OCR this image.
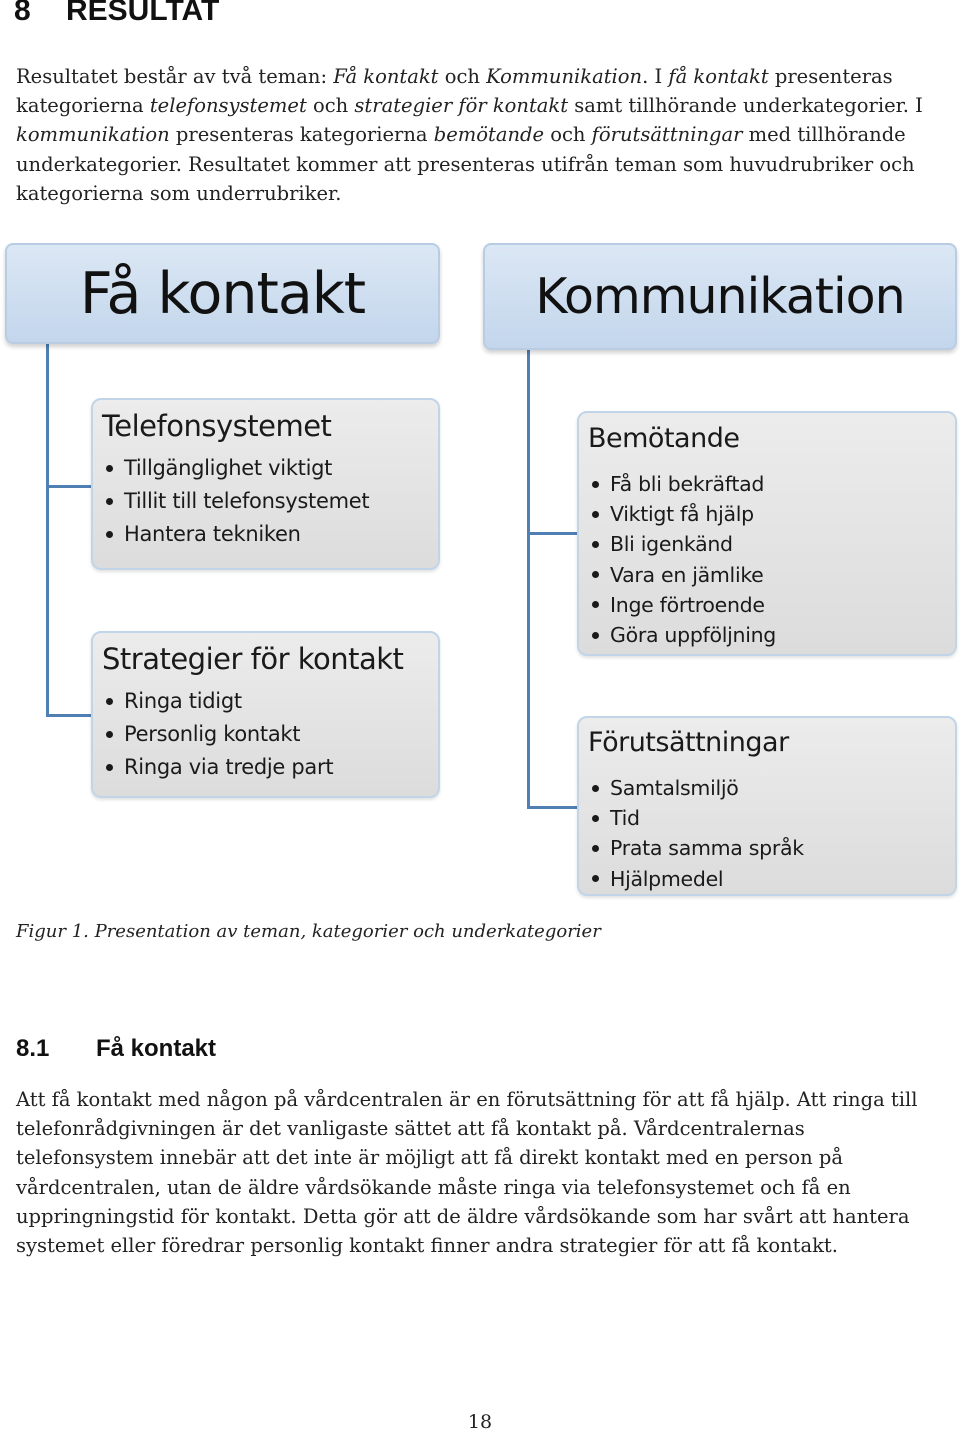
8 RESULTAT

Resultatet består av två teman: Få kontakt och Kommunikation. I få kontakt presenteras kategorierna telefonsystemet och strategier för kontakt samt tillhörande underkategorier. I kommunikation presenteras kategorierna bemötande och förutsättningar med tillhörande underkategorier. Resultatet kommer att presenteras utifrån teman som huvudrubriker och kategorierna som underrubriker.

Få kontakt	Kommunikation
Telefonsystemet
Tillgänglighet viktigt
Tillit till telefonsystemet
Hantera tekniken
Strategier för kontakt
Ringa tidigt
Personlig kontakt
Ringa via tredje part
Bemötande
Få bli bekräftad
Viktigt få hjälp
Bli igenkänd
Vara en jämlike
Inge förtroende
Göra uppföljning
Förutsättningar
Samtalsmiljö
Tid
Prata samma språk
Hjälpmedel
Figur 1. Presentation av teman, kategorier och underkategorier
8.1 Få kontakt

Att få kontakt med någon på vårdcentralen är en förutsättning för att få hjälp. Att ringa till telefonrådgivningen är det vanligaste sättet att få kontakt på. Vårdcentralernas telefonsystem innebär att det inte är möjligt att få direkt kontakt med en person på vårdcentralen, utan de äldre vårdsökande måste ringa via telefonsystemet och få en uppringningstid för kontakt. Detta gör att de äldre vårdsökande som har svårt att hantera systemet eller föredrar personlig kontakt finner andra strategier för att få kontakt.

18
